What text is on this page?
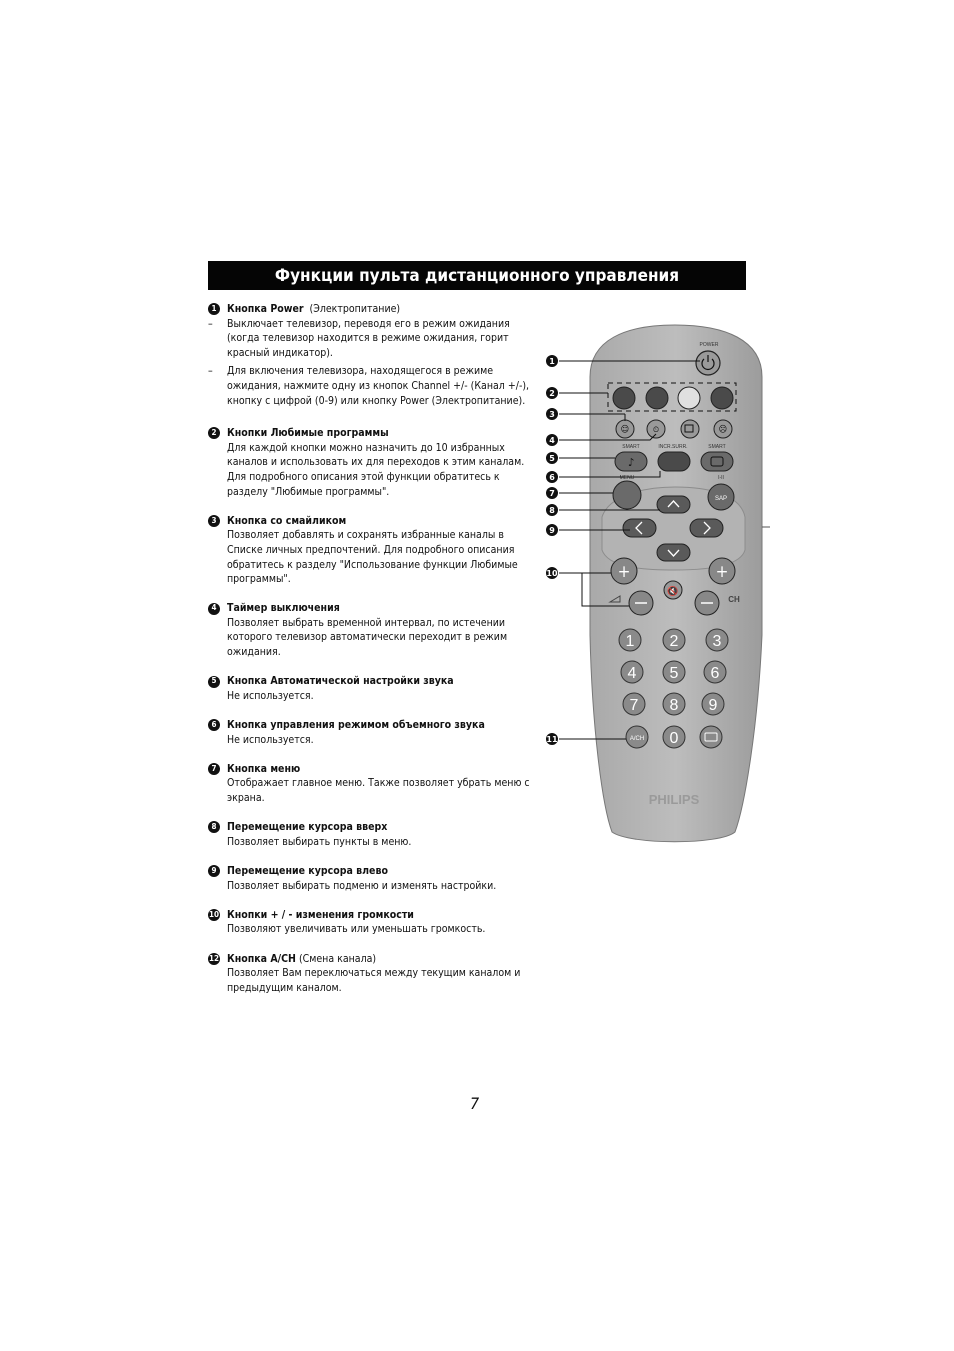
Функции пульта дистанционного управления
1	Кнопка Power
(Электропитание)
–	Выключает телевизор, переводя его в режим ожидания (когда телевизор находится в режиме ожидания, горит красный индикатор).
–	Для включения телевизора, находящегося в режиме ожидания, нажмите одну из кнопок Channel +/- (Канал +/-), кнопку с цифрой (0-9) или кнопку Power (Электропитание).
2	Кнопки Любимые программы
Для каждой кнопки можно назначить до 10 избранных каналов и использовать их для переходов к этим каналам. Для подробного описания этой функции обратитесь к разделу "Любимые программы".
3	Кнопка со смайликом
Позволяет добавлять и сохранять избранные каналы в Списке личных предпочтений. Для подробного описания обратитесь к разделу "Использование функции Любимые программы".
4	Таймер выключения
Позволяет выбрать временной интервал, по истечении которого телевизор автоматически переходит в режим ожидания.
5	Кнопка Автоматической настройки звука
Не используется.
6	Кнопка управления режимом объемного звука
Не используется.
7	Кнопка меню
Отображает главное меню. Также позволяет убрать меню с экрана.
8	Перемещение курсора вверх
Позволяет выбирать пункты в меню.
9	Перемещение курсора влево
Позволяет выбирать подменю и изменять настройки.
10 Кнопки + / - изменения громкости
Позволяют увеличивать или уменьшать громкость.
12 Кнопка A/CH
(Смена канала)
Позволяет Вам переключаться между текущим каналом и предыдущим каналом.
POWER
☺	⏲	☹
SMART	INCR.SURR.	SMART
♪
MENU	I-II
SAP
+	+
🔇
CH
1 2 3
4 5 6
7 8 9
0
A/CH
PHILIPS
1
2
3
4
5
6
7
8
9
10
11
7
